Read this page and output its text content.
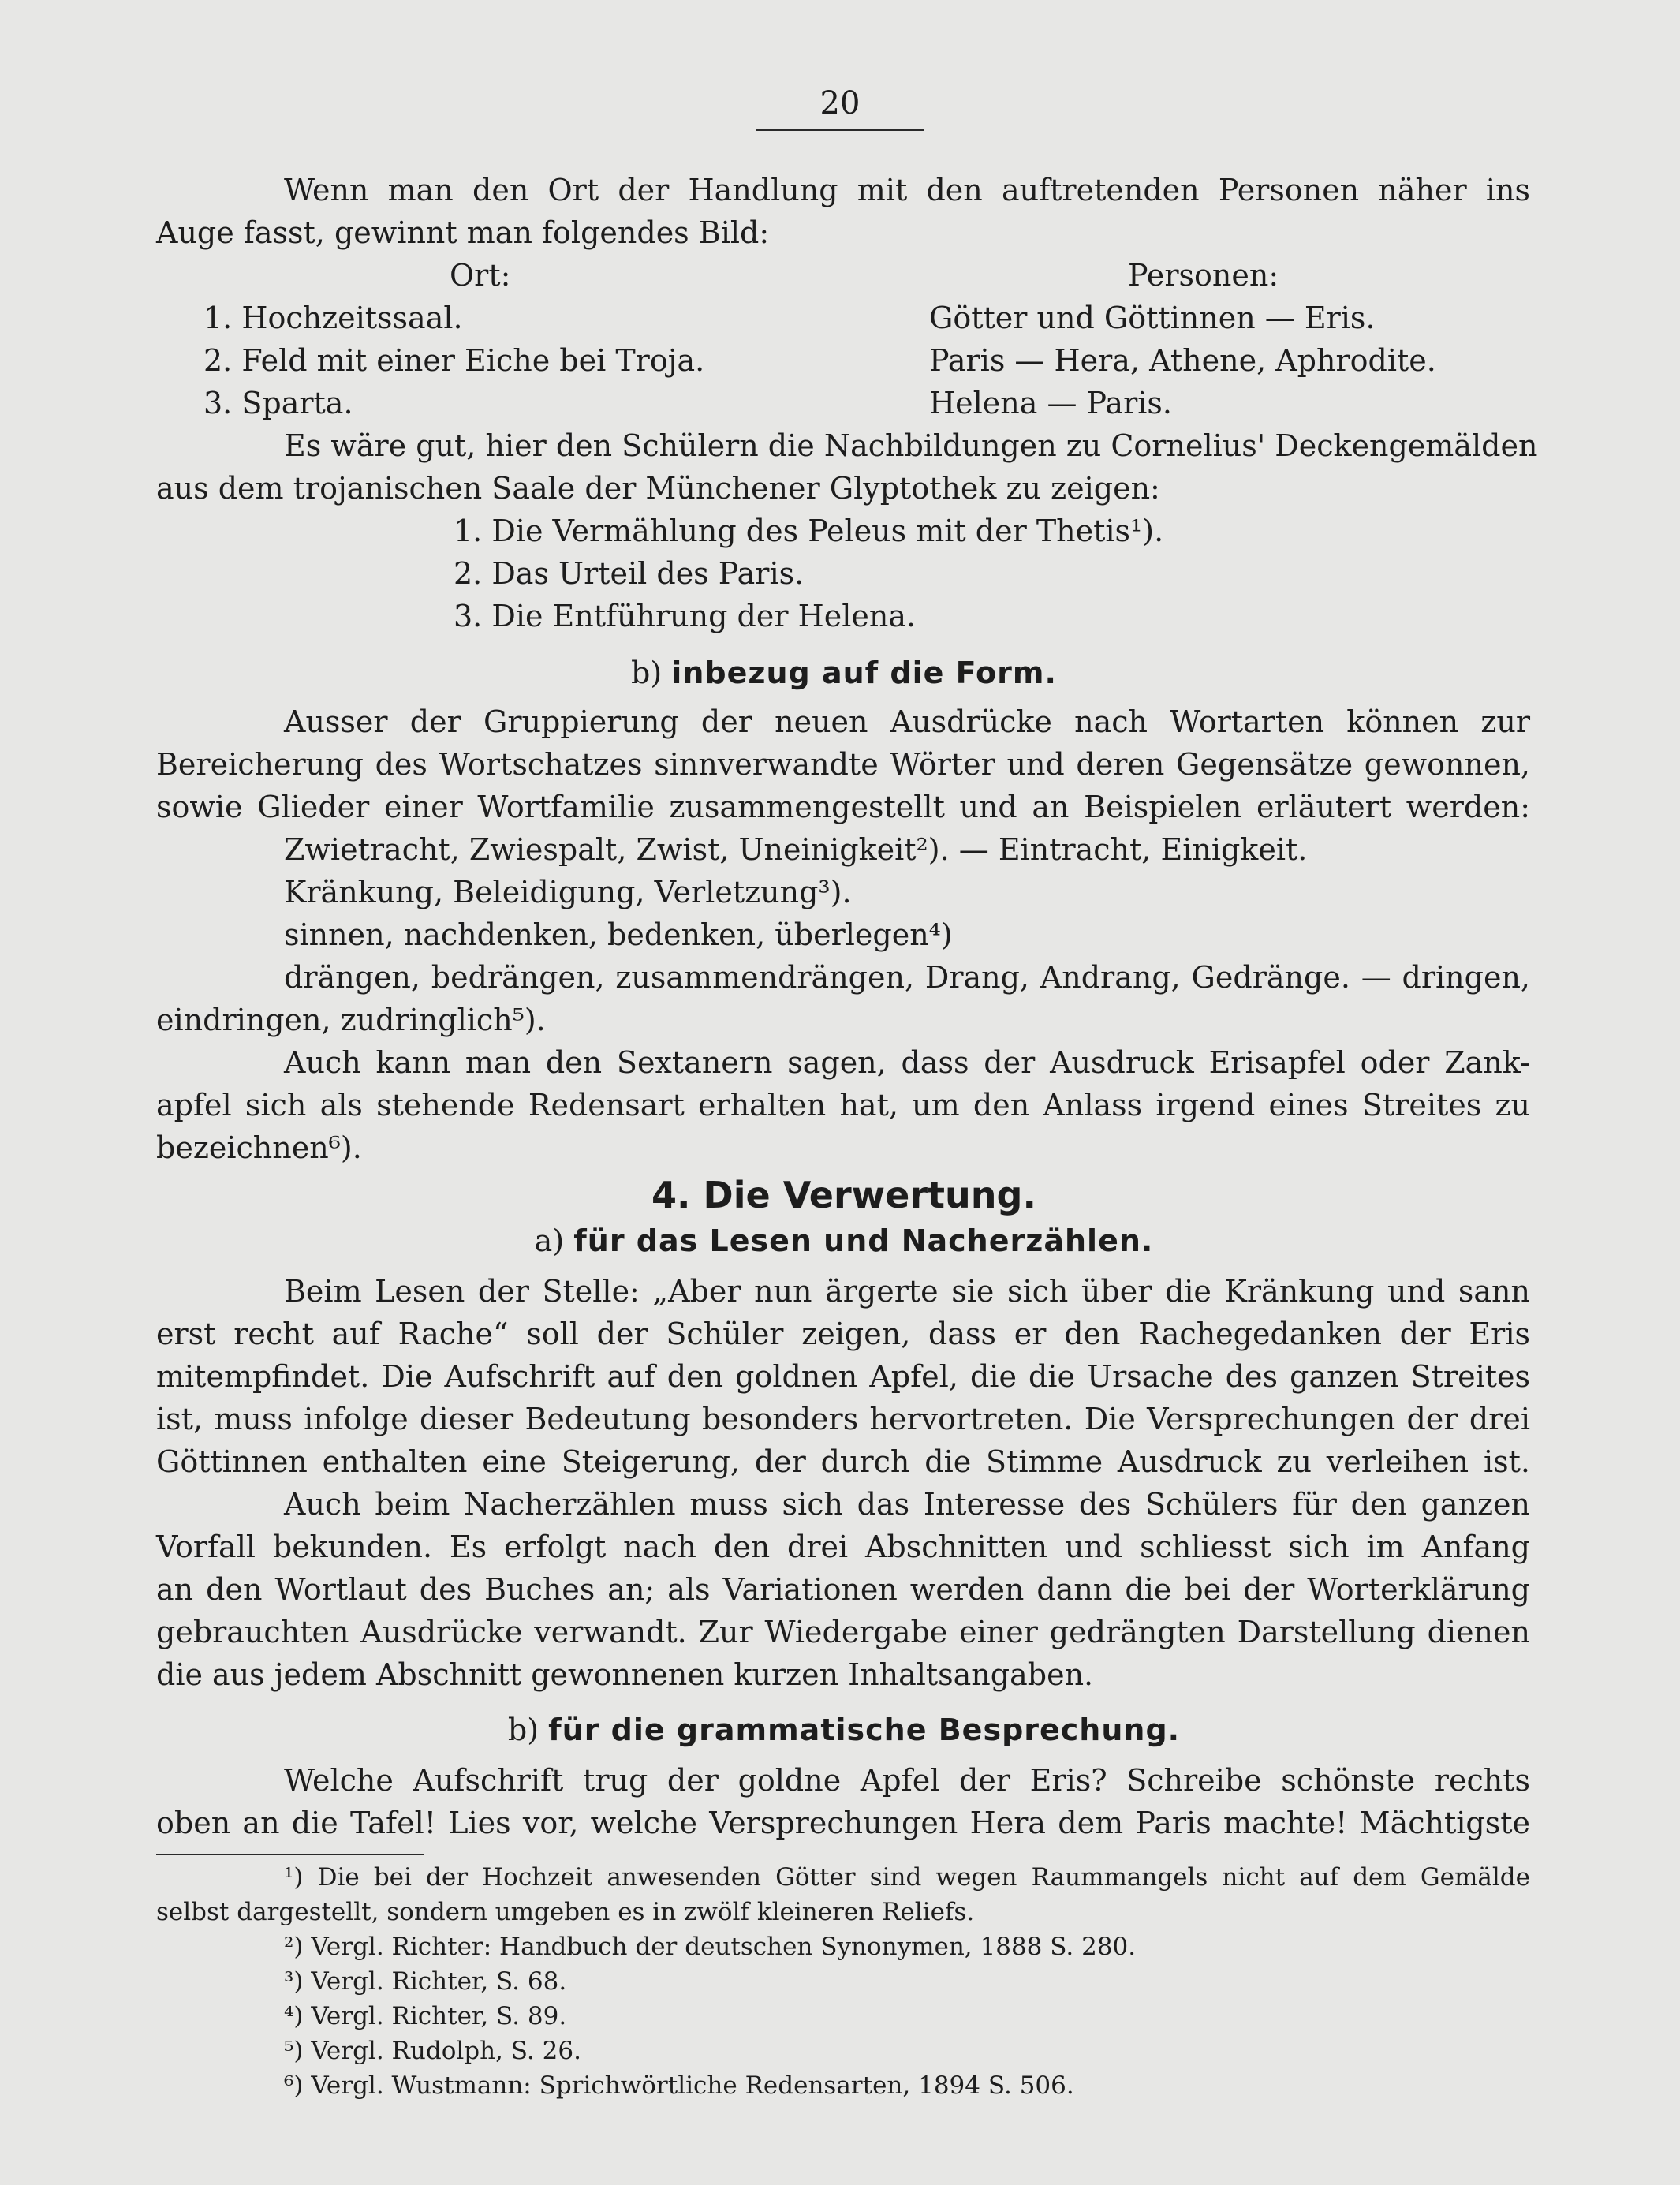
20
Wenn man den Ort der Handlung mit den auftretenden Personen näher ins
Auge fasst, gewinnt man folgendes Bild:
Ort:	Personen:
1. Hochzeitssaal.	Götter und Göttinnen — Eris.
2. Feld mit einer Eiche bei Troja.	Paris — Hera, Athene, Aphrodite.
3. Sparta.	Helena — Paris.
Es wäre gut, hier den Schülern die Nachbildungen zu Cornelius' Deckengemälden
aus dem trojanischen Saale der Münchener Glyptothek zu zeigen:
1. Die Vermählung des Peleus mit der Thetis¹).
2. Das Urteil des Paris.
3. Die Entführung der Helena.
b) inbezug auf die Form.
Ausser der Gruppierung der neuen Ausdrücke nach Wortarten können zur
Bereicherung des Wortschatzes sinnverwandte Wörter und deren Gegensätze gewonnen,
sowie Glieder einer Wortfamilie zusammengestellt und an Beispielen erläutert werden:
Zwietracht, Zwiespalt, Zwist, Uneinigkeit²). — Eintracht, Einigkeit.
Kränkung, Beleidigung, Verletzung³).
sinnen, nachdenken, bedenken, überlegen⁴)
drängen, bedrängen, zusammendrängen, Drang, Andrang, Gedränge. — dringen,
eindringen, zudringlich⁵).
Auch kann man den Sextanern sagen, dass der Ausdruck Erisapfel oder Zank-
apfel sich als stehende Redensart erhalten hat, um den Anlass irgend eines Streites zu
bezeichnen⁶).
4. Die Verwertung.
a) für das Lesen und Nacherzählen.
Beim Lesen der Stelle: „Aber nun ärgerte sie sich über die Kränkung und sann
erst recht auf Rache“ soll der Schüler zeigen, dass er den Rachegedanken der Eris
mitempfindet. Die Aufschrift auf den goldnen Apfel, die die Ursache des ganzen Streites
ist, muss infolge dieser Bedeutung besonders hervortreten. Die Versprechungen der drei
Göttinnen enthalten eine Steigerung, der durch die Stimme Ausdruck zu verleihen ist.
Auch beim Nacherzählen muss sich das Interesse des Schülers für den ganzen
Vorfall bekunden. Es erfolgt nach den drei Abschnitten und schliesst sich im Anfang
an den Wortlaut des Buches an; als Variationen werden dann die bei der Worterklärung
gebrauchten Ausdrücke verwandt. Zur Wiedergabe einer gedrängten Darstellung dienen
die aus jedem Abschnitt gewonnenen kurzen Inhaltsangaben.
b) für die grammatische Besprechung.
Welche Aufschrift trug der goldne Apfel der Eris? Schreibe schönste rechts
oben an die Tafel! Lies vor, welche Versprechungen Hera dem Paris machte! Mächtigste
¹) Die bei der Hochzeit anwesenden Götter sind wegen Raummangels nicht auf dem Gemälde
selbst dargestellt, sondern umgeben es in zwölf kleineren Reliefs.
²) Vergl. Richter: Handbuch der deutschen Synonymen, 1888 S. 280.
³) Vergl. Richter, S. 68.
⁴) Vergl. Richter, S. 89.
⁵) Vergl. Rudolph, S. 26.
⁶) Vergl. Wustmann: Sprichwörtliche Redensarten, 1894 S. 506.
